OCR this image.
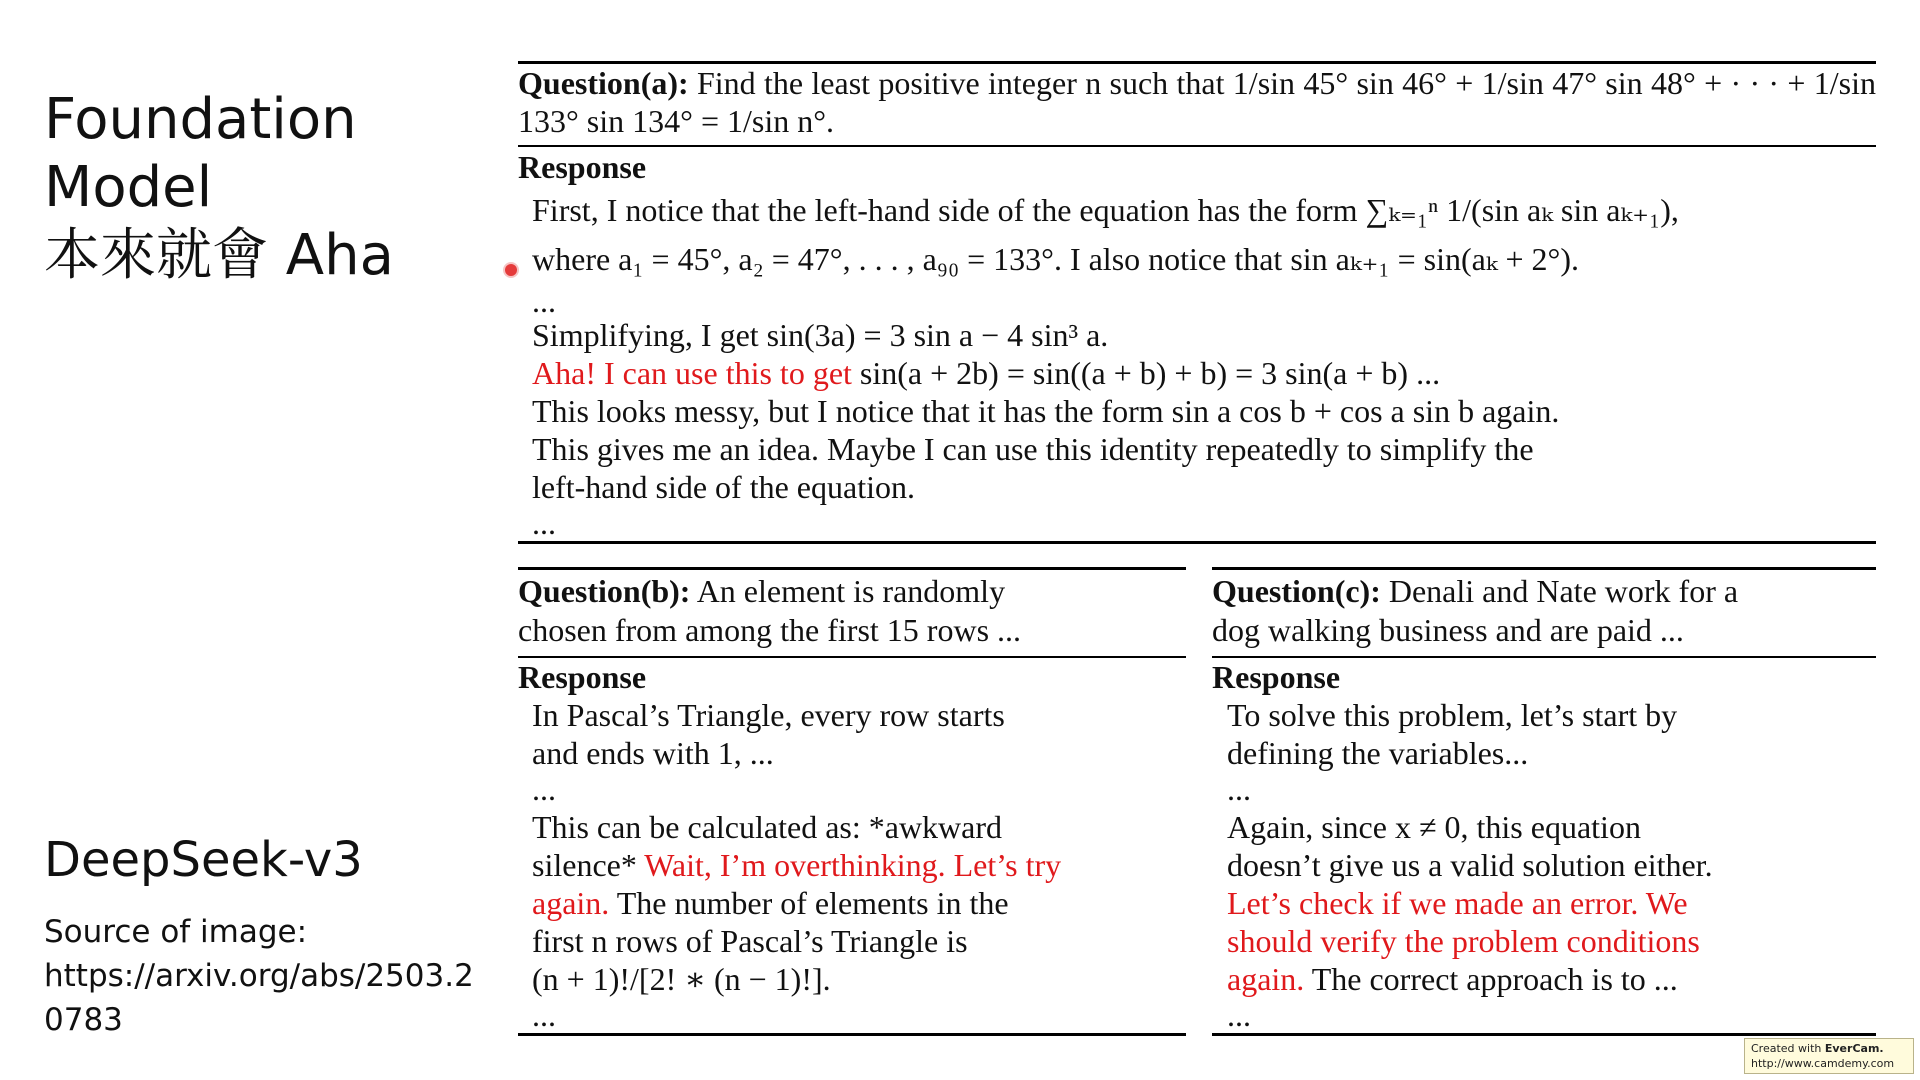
Foundation
Model
本來就會 Aha
DeepSeek-v3
Source of image:
https://arxiv.org/abs/2503.20783
Question(a): Find the least positive integer n such that 1/sin 45° sin 46° + 1/sin 47° sin 48° + · · · + 1/sin 133° sin 134° = 1/sin n°.
Response
First, I notice that the left-hand side of the equation has the form ∑ₖ₌₁ⁿ 1/(sin aₖ sin aₖ₊₁),
where a₁ = 45°, a₂ = 47°, . . . , a₉₀ = 133°. I also notice that sin aₖ₊₁ = sin(aₖ + 2°).
...
Simplifying, I get sin(3a) = 3 sin a − 4 sin³ a.
Aha! I can use this to get sin(a + 2b) = sin((a + b) + b) = 3 sin(a + b) ...
This looks messy, but I notice that it has the form sin a cos b + cos a sin b again.
This gives me an idea. Maybe I can use this identity repeatedly to simplify the
left-hand side of the equation.
...
Question(b): An element is randomly
chosen from among the first 15 rows ...
Response
In Pascal’s Triangle, every row starts
and ends with 1, ...
...
This can be calculated as: *awkward
silence* Wait, I’m overthinking. Let’s try
again. The number of elements in the
first n rows of Pascal’s Triangle is
(n + 1)!/[2! ∗ (n − 1)!].
...
Question(c): Denali and Nate work for a
dog walking business and are paid ...
Response
To solve this problem, let’s start by
defining the variables...
...
Again, since x ≠ 0, this equation
doesn’t give us a valid solution either.
Let’s check if we made an error. We
should verify the problem conditions
again. The correct approach is to ...
...
Created with EverCam.
http://www.camdemy.com
